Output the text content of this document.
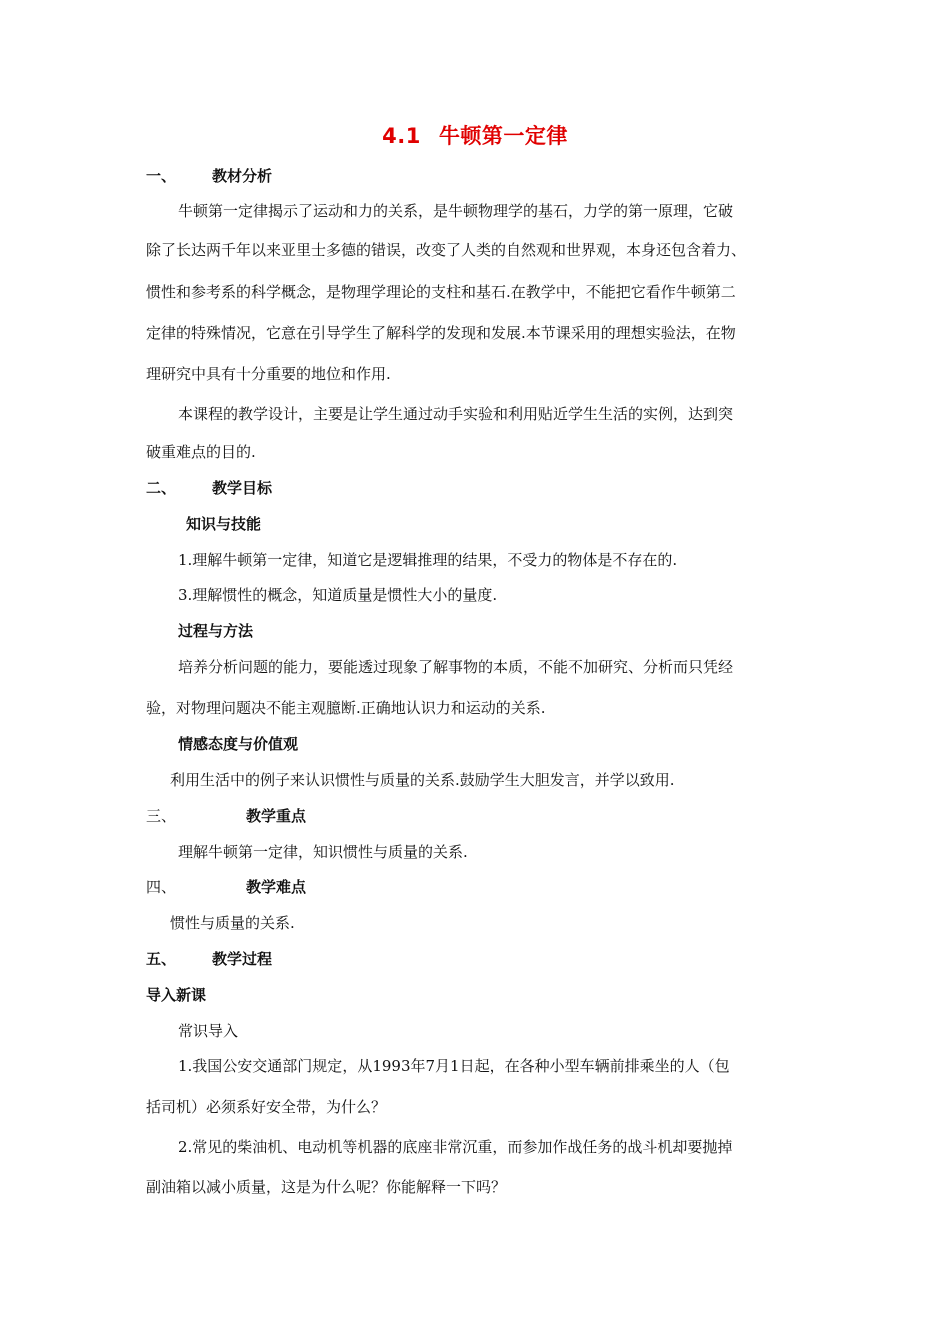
4.1 牛顿第一定律
一、 教材分析
牛顿第一定律揭示了运动和力的关系，是牛顿物理学的基石，力学的第一原理，它破
除了长达两千年以来亚里士多德的错误，改变了人类的自然观和世界观，本身还包含着力、
惯性和参考系的科学概念，是物理学理论的支柱和基石.在教学中，不能把它看作牛顿第二
定律的特殊情况，它意在引导学生了解科学的发现和发展.本节课采用的理想实验法，在物
理研究中具有十分重要的地位和作用.
本课程的教学设计，主要是让学生通过动手实验和利用贴近学生生活的实例，达到突
破重难点的目的.
二、 教学目标
知识与技能
1.理解牛顿第一定律，知道它是逻辑推理的结果，不受力的物体是不存在的.
3.理解惯性的概念，知道质量是惯性大小的量度.
过程与方法
培养分析问题的能力，要能透过现象了解事物的本质，不能不加研究、分析而只凭经
验，对物理问题决不能主观臆断.正确地认识力和运动的关系.
情感态度与价值观
利用生活中的例子来认识惯性与质量的关系.鼓励学生大胆发言，并学以致用.
三、	教学重点
理解牛顿第一定律，知识惯性与质量的关系.
四、	教学难点
惯性与质量的关系.
五、 教学过程
导入新课
常识导入
1.我国公安交通部门规定，从1993年7月1日起，在各种小型车辆前排乘坐的人（包
括司机）必须系好安全带，为什么？
2.常见的柴油机、电动机等机器的底座非常沉重，而参加作战任务的战斗机却要抛掉
副油箱以减小质量，这是为什么呢？你能解释一下吗？
